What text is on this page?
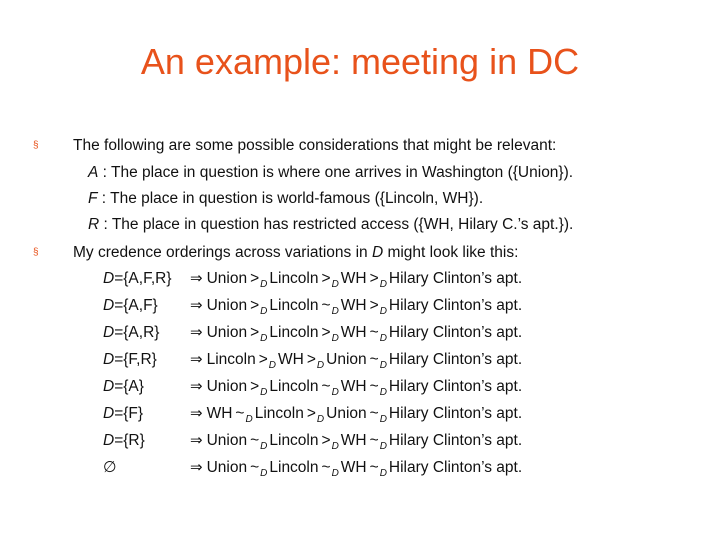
An example: meeting in DC
§ The following are some possible considerations that might be relevant:
A : The place in question is where one arrives in Washington ({Union}).
F : The place in question is world-famous ({Lincoln, WH}).
R : The place in question has restricted access ({WH, Hilary C.’s apt.}).
§ My credence orderings across variations in D might look like this:
D={A,F,R} ⇒ Union $>_D$ Lincoln $>_D$ WH $>_D$ Hilary Clinton’s apt.
D={A,F} ⇒ Union $>_D$ Lincoln $\sim_D$ WH $>_D$ Hilary Clinton’s apt.
D={A,R} ⇒ Union $>_D$ Lincoln $>_D$ WH $\sim_D$ Hilary Clinton’s apt.
D={F,R} ⇒ Lincoln $>_D$ WH $>_D$ Union $\sim_D$ Hilary Clinton’s apt.
D={A}	⇒ Union $>_D$ Lincoln $\sim_D$ WH $\sim_D$ Hilary Clinton’s apt.
D={F}	⇒ WH $\sim_D$ Lincoln $>_D$ Union $\sim_D$ Hilary Clinton’s apt.
D={R}	⇒ Union $\sim_D$ Lincoln $>_D$ WH $\sim_D$ Hilary Clinton’s apt.
∅	⇒ Union $\sim_D$ Lincoln $\sim_D$ WH $\sim_D$ Hilary Clinton’s apt.
